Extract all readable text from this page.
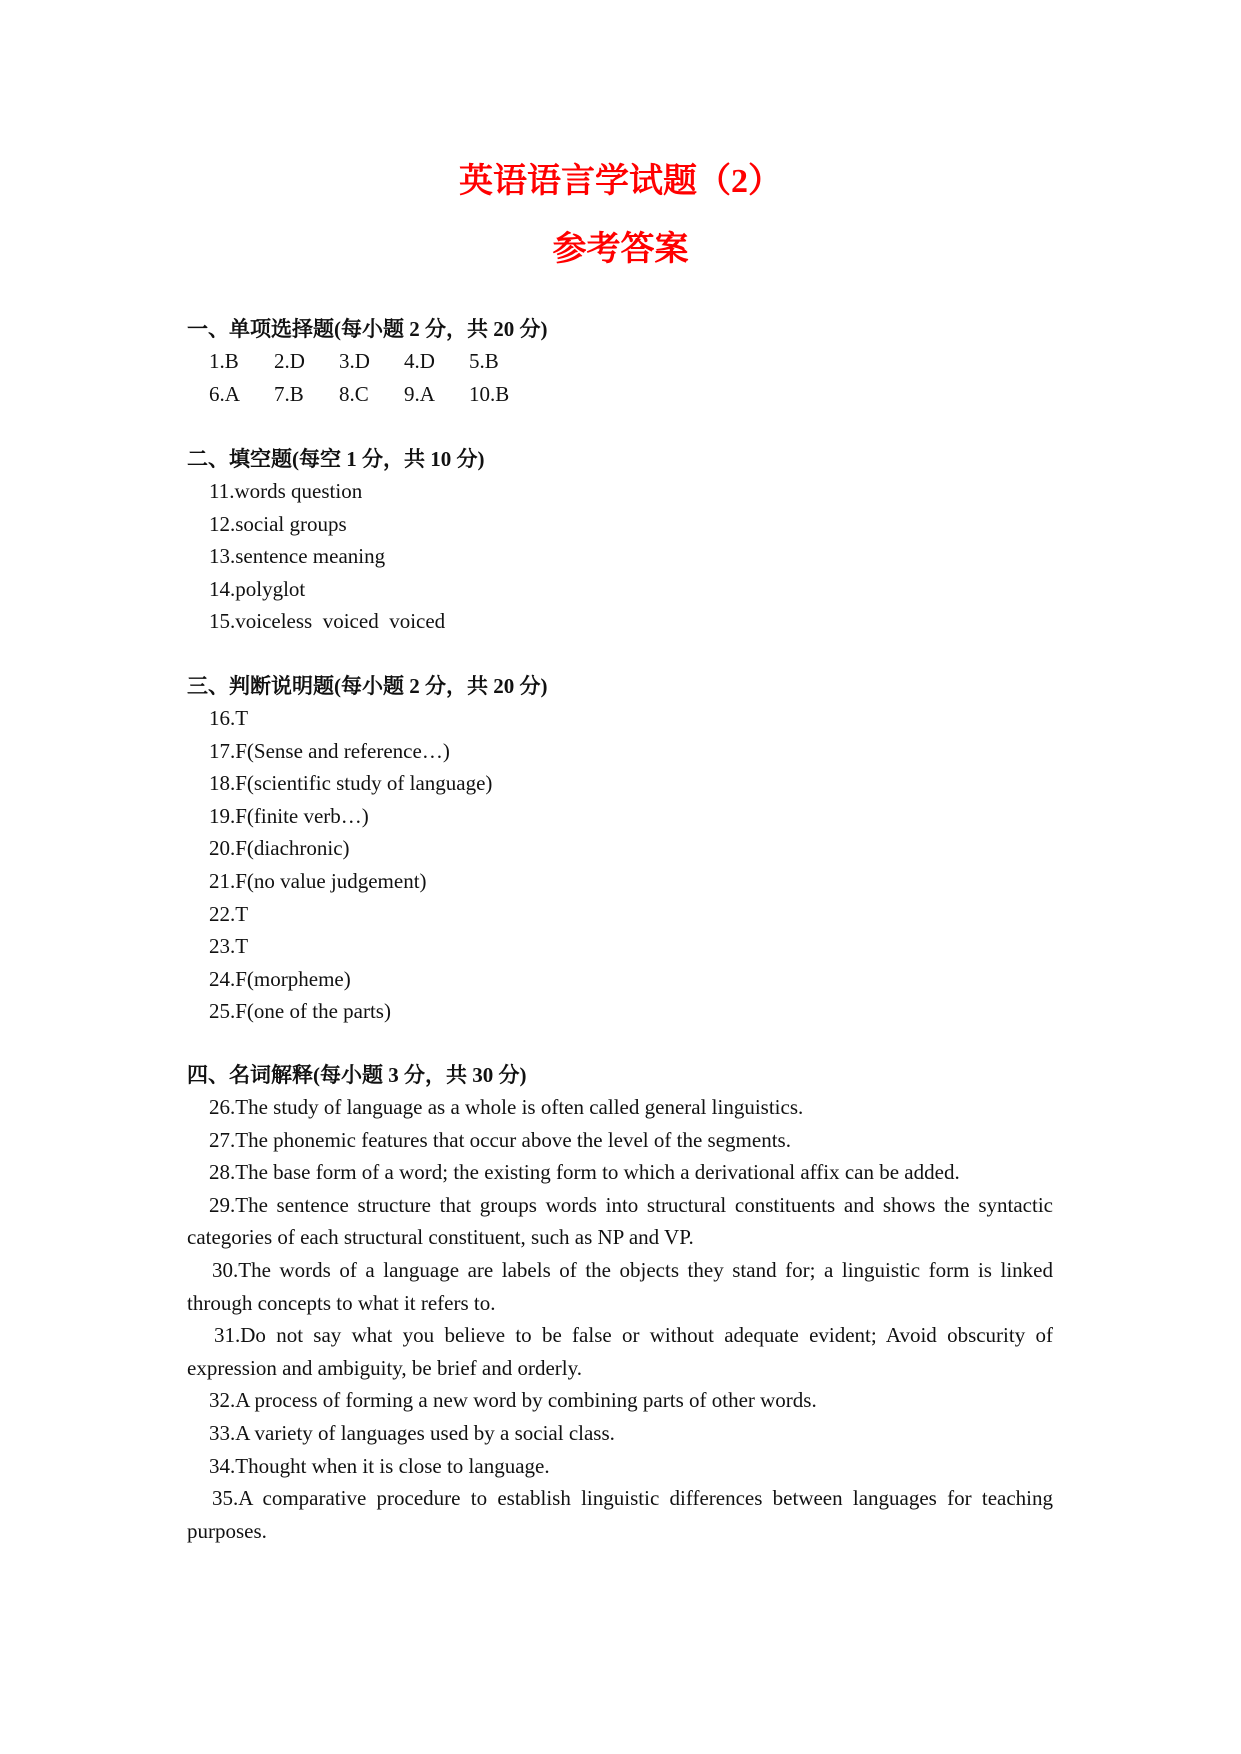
英语语言学试题（2）
参考答案
一、单项选择题(每小题 2 分，共 20 分)
1.B 2.D 3.D 4.D 5.B
6.A 7.B 8.C 9.A 10.B
二、填空题(每空 1 分，共 10 分)
11.words question
12.social groups
13.sentence meaning
14.polyglot
15.voiceless  voiced  voiced
三、判断说明题(每小题 2 分，共 20 分)
16.T
17.F(Sense and reference…)
18.F(scientific study of language)
19.F(finite verb…)
20.F(diachronic)
21.F(no value judgement)
22.T
23.T
24.F(morpheme)
25.F(one of the parts)
四、名词解释(每小题 3 分，共 30 分)
26.The study of language as a whole is often called general linguistics.
27.The phonemic features that occur above the level of the segments.
28.The base form of a word; the existing form to which a derivational affix can be added.
29.The sentence structure that groups words into structural constituents and shows the syntactic categories of each structural constituent, such as NP and VP.
30.The words of a language are labels of the objects they stand for; a linguistic form is linked through concepts to what it refers to.
31.Do not say what you believe to be false or without adequate evident; Avoid obscurity of expression and ambiguity, be brief and orderly.
32.A process of forming a new word by combining parts of other words.
33.A variety of languages used by a social class.
34.Thought when it is close to language.
35.A comparative procedure to establish linguistic differences between languages for teaching purposes.
